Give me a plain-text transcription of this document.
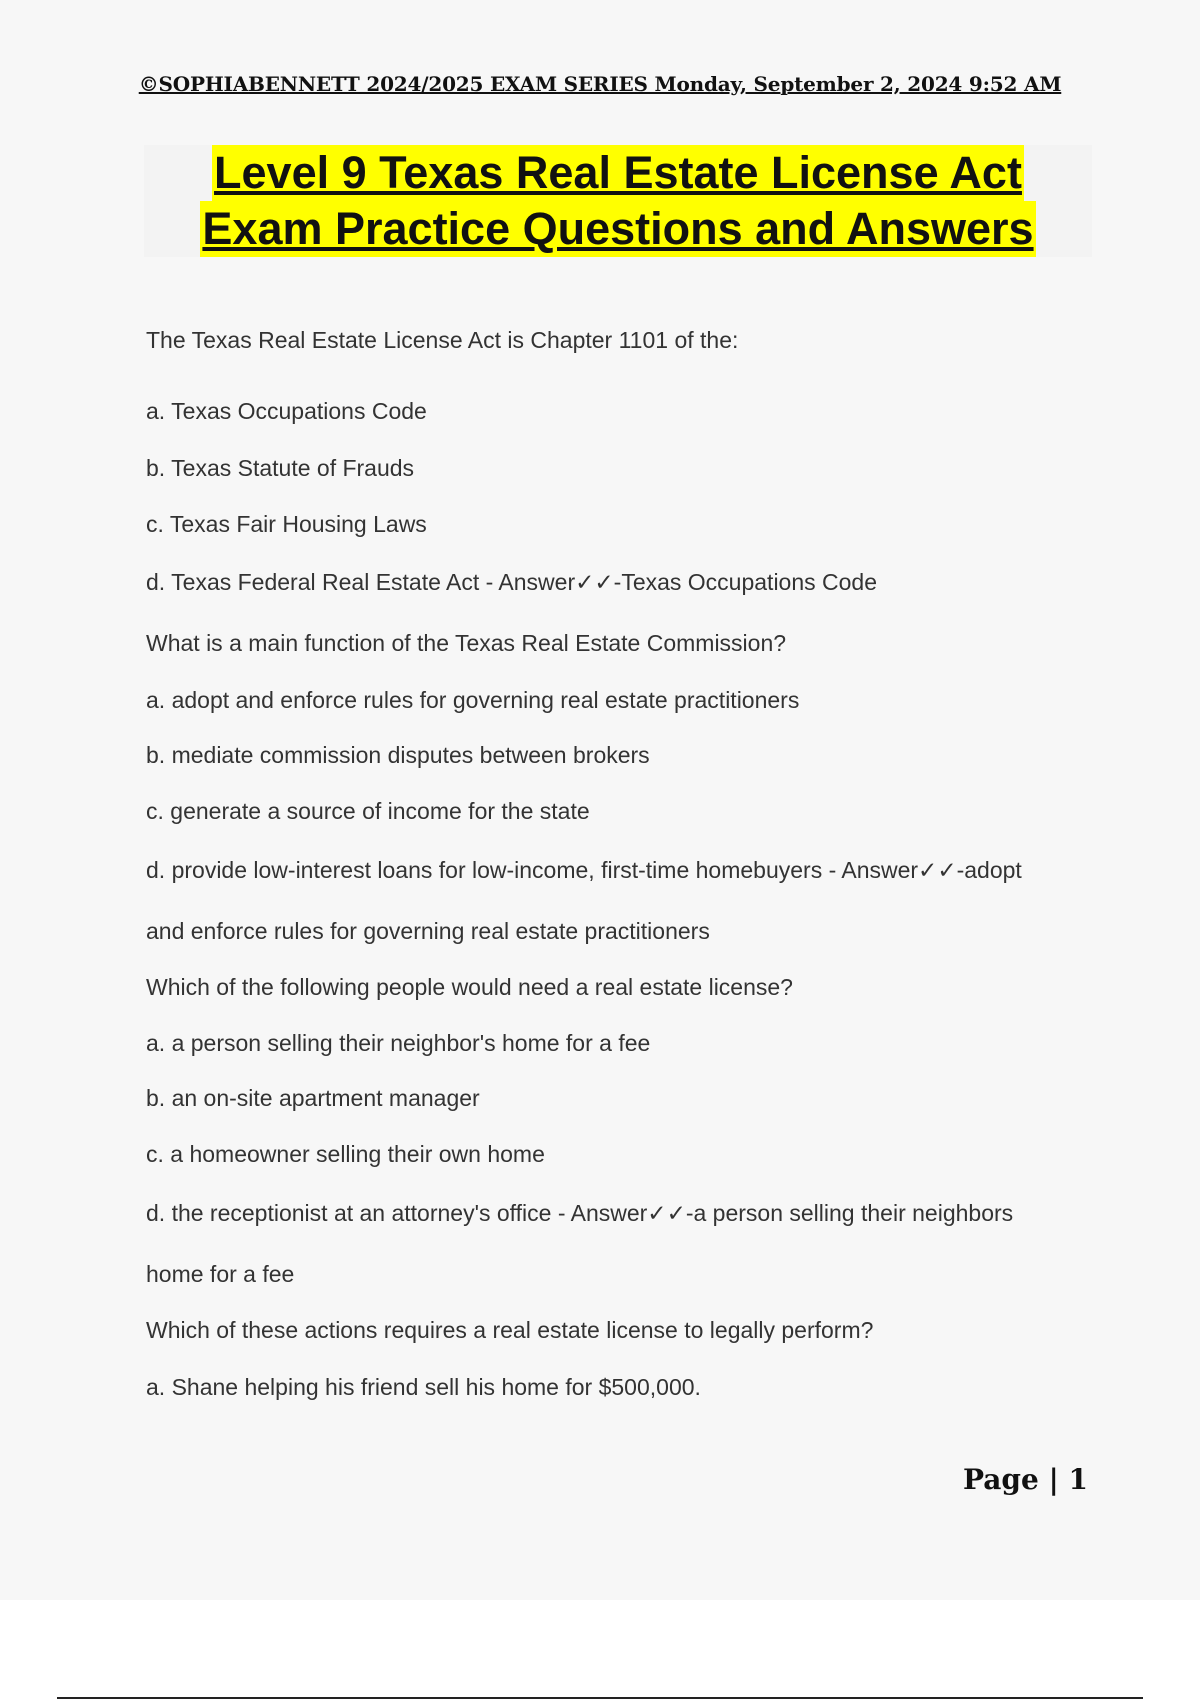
©SOPHIABENNETT 2024/2025 EXAM SERIES Monday, September 2, 2024 9:52 AM
Level 9 Texas Real Estate License Act
Exam Practice Questions and Answers
The Texas Real Estate License Act is Chapter 1101 of the:
a. Texas Occupations Code
b. Texas Statute of Frauds
c. Texas Fair Housing Laws
d. Texas Federal Real Estate Act - Answer✓✓-Texas Occupations Code
What is a main function of the Texas Real Estate Commission?
a. adopt and enforce rules for governing real estate practitioners
b. mediate commission disputes between brokers
c. generate a source of income for the state
d. provide low-interest loans for low-income, first-time homebuyers - Answer✓✓-adopt
and enforce rules for governing real estate practitioners
Which of the following people would need a real estate license?
a. a person selling their neighbor's home for a fee
b. an on-site apartment manager
c. a homeowner selling their own home
d. the receptionist at an attorney's office - Answer✓✓-a person selling their neighbors
home for a fee
Which of these actions requires a real estate license to legally perform?
a. Shane helping his friend sell his home for $500,000.
Page | 1
